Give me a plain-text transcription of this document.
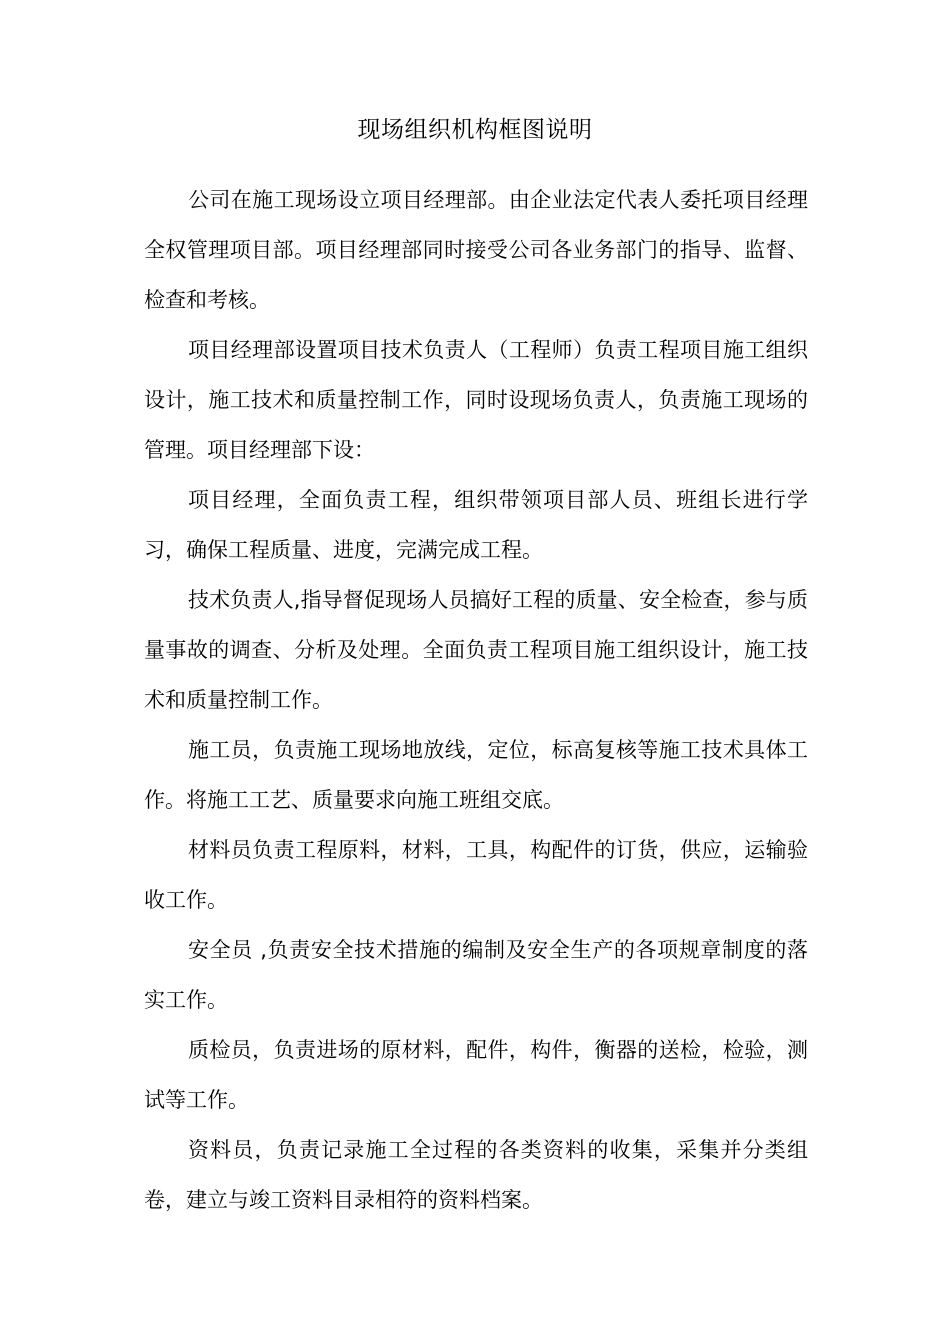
现场组织机构框图说明

公司在施工现场设立项目经理部。由企业法定代表人委托项目经理全权管理项目部。项目经理部同时接受公司各业务部门的指导、监督、检查和考核。

项目经理部设置项目技术负责人（工程师）负责工程项目施工组织设计，施工技术和质量控制工作，同时设现场负责人，负责施工现场的管理。项目经理部下设：

项目经理，全面负责工程，组织带领项目部人员、班组长进行学习，确保工程质量、进度，完满完成工程。

技术负责人,指导督促现场人员搞好工程的质量、安全检查，参与质量事故的调查、分析及处理。全面负责工程项目施工组织设计，施工技术和质量控制工作。

施工员，负责施工现场地放线，定位，标高复核等施工技术具体工作。将施工工艺、质量要求向施工班组交底。

材料员负责工程原料，材料，工具，构配件的订货，供应，运输验收工作。

安全员 ,负责安全技术措施的编制及安全生产的各项规章制度的落实工作。

质检员，负责进场的原材料，配件，构件，衡器的送检，检验，测试等工作。

资料员，负责记录施工全过程的各类资料的收集，采集并分类组卷，建立与竣工资料目录相符的资料档案。
